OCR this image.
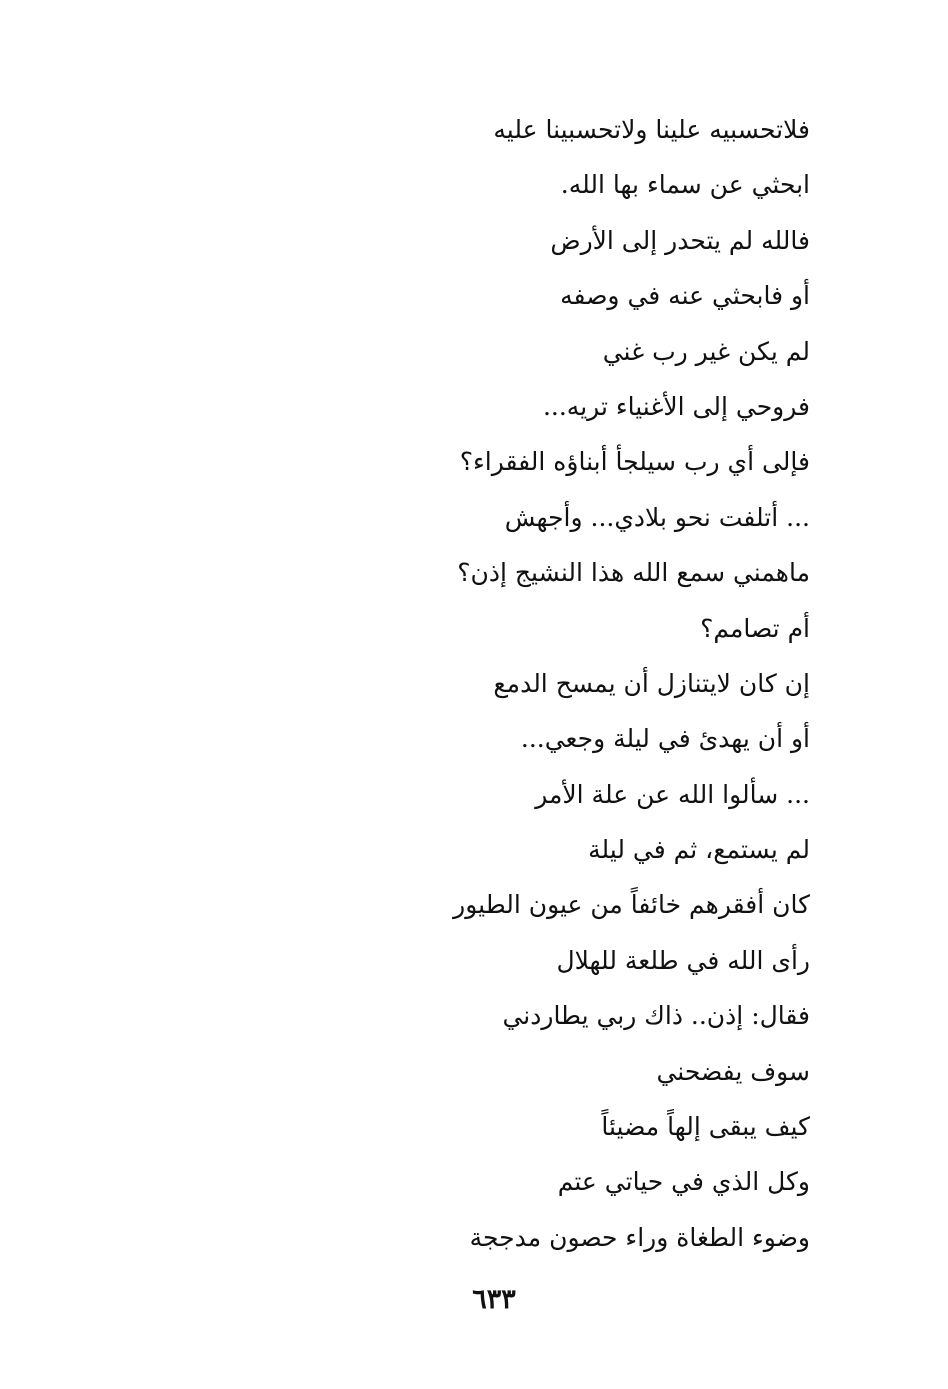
فلاتحسبيه علينا ولاتحسبينا عليه
ابحثي عن سماء بها الله.
فالله لم يتحدر إلى الأرض
أو فابحثي عنه في وصفه
لم يكن غير رب غني
فروحي إلى الأغنياء تريه...
فإلى أي رب سيلجأ أبناؤه الفقراء؟
... أتلفت نحو بلادي... وأجهش
ماهمني سمع الله هذا النشيج إذن؟
أم تصامم؟
إن كان لايتنازل أن يمسح الدمع
أو أن يهدئ في ليلة وجعي...
... سألوا الله عن علة الأمر
لم يستمع، ثم في ليلة
كان أفقرهم خائفاً من عيون الطيور
رأى الله في طلعة للهلال
فقال: إذن.. ذاك ربي يطاردني
سوف يفضحني
كيف يبقى إلهاً مضيئاً
وكل الذي في حياتي عتم
وضوء الطغاة وراء حصون مدججة
٦٣٣
